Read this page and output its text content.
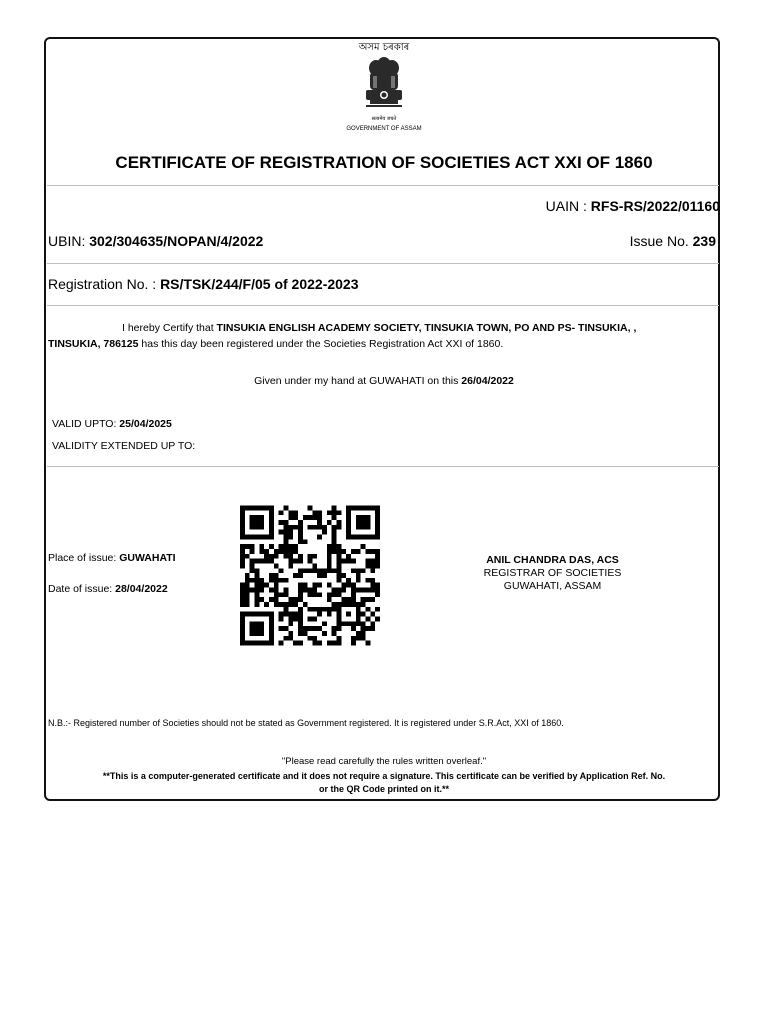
অসম চৰকাৰ
सत्यमेव जयते
GOVERNMENT OF ASSAM
CERTIFICATE OF REGISTRATION OF SOCIETIES ACT XXI OF 1860
UAIN : RFS-RS/2022/01160
UBIN: 302/304635/NOPAN/4/2022	Issue No. 239
Registration No. : RS/TSK/244/F/05 of 2022-2023
I hereby Certify that TINSUKIA ENGLISH ACADEMY SOCIETY, TINSUKIA TOWN, PO AND PS- TINSUKIA, ,
TINSUKIA, 786125 has this day been registered under the Societies Registration Act XXI of 1860.
Given under my hand at GUWAHATI on this 26/04/2022
VALID UPTO: 25/04/2025
VALIDITY EXTENDED UP TO:
Place of issue: GUWAHATI
Date of issue: 28/04/2022
ANIL CHANDRA DAS, ACS
REGISTRAR OF SOCIETIES
GUWAHATI, ASSAM
N.B.:- Registered number of Societies should not be stated as Government registered. It is registered under S.R.Act, XXI of 1860.
"Please read carefully the rules written overleaf."
**This is a computer-generated certificate and it does not require a signature. This certificate can be verified by Application Ref. No.
or the QR Code printed on it.**
